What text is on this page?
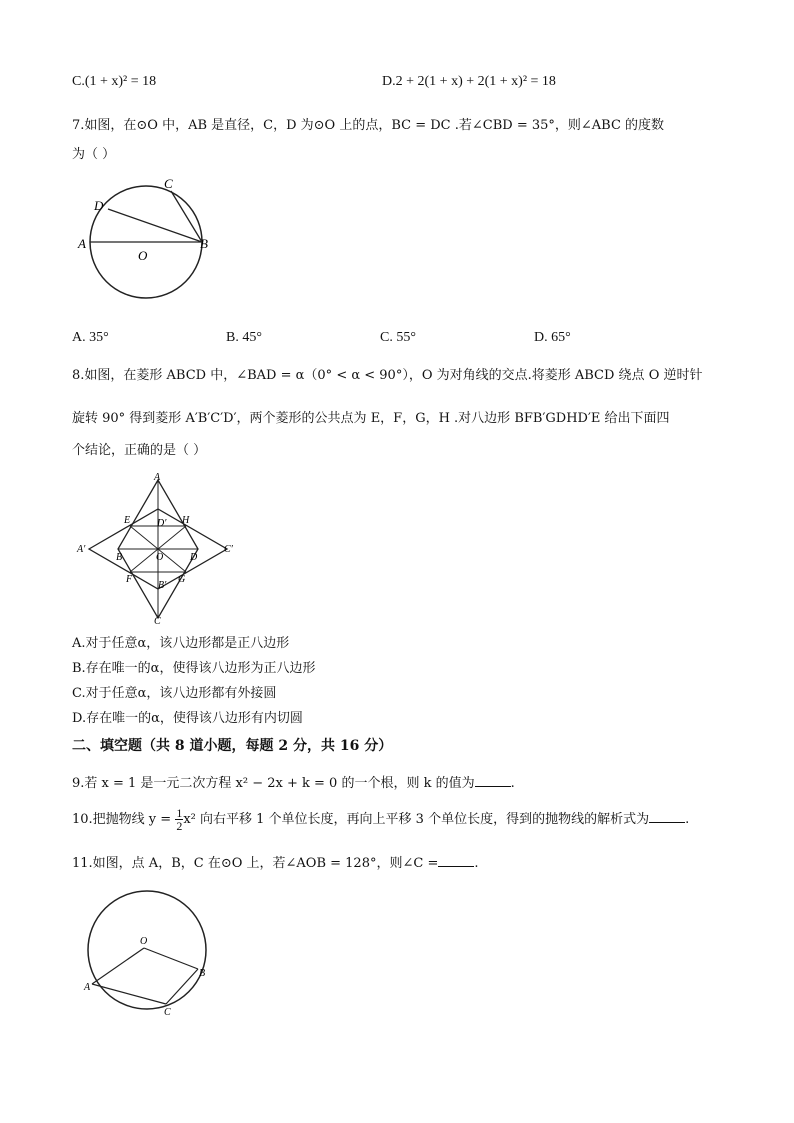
C.(1 + x)² = 18	D.2 + 2(1 + x) + 2(1 + x)² = 18
7.如图，在⊙O 中，AB 是直径，C，D 为⊙O 上的点，BC = DC .若∠CBD = 35°，则∠ABC 的度数
为（ ）
C
D
A	B
O
A. 35°	B. 45°	C. 55°	D. 65°
8.如图，在菱形 ABCD 中，∠BAD = α（0° < α < 90°），O 为对角线的交点.将菱形 ABCD 绕点 O 逆时针
旋转 90° 得到菱形 A′B′C′D′，两个菱形的公共点为 E，F，G，H .对八边形 BFB′GDHD′E 给出下面四
个结论，正确的是（ ）
A
E	D′ H
A′
B	O	D
C′
F
B′
G
C
A.对于任意α，该八边形都是正八边形
B.存在唯一的α，使得该八边形为正八边形
C.对于任意α，该八边形都有外接圆
D.存在唯一的α，使得该八边形有内切圆
二、填空题（共 8 道小题，每题 2 分，共 16 分）
9.若 x = 1 是一元二次方程 x² − 2x + k = 0 的一个根，则 k 的值为	.
10.把抛物线 $y = \frac{1}{2} x^2$ 向右平移 1 个单位长度，再向上平移 3 个单位长度，得到的抛物线的解析式为	.
11.如图，点 A，B，C 在⊙O 上，若∠AOB = 128°，则∠C =	.
O
A
B
C
